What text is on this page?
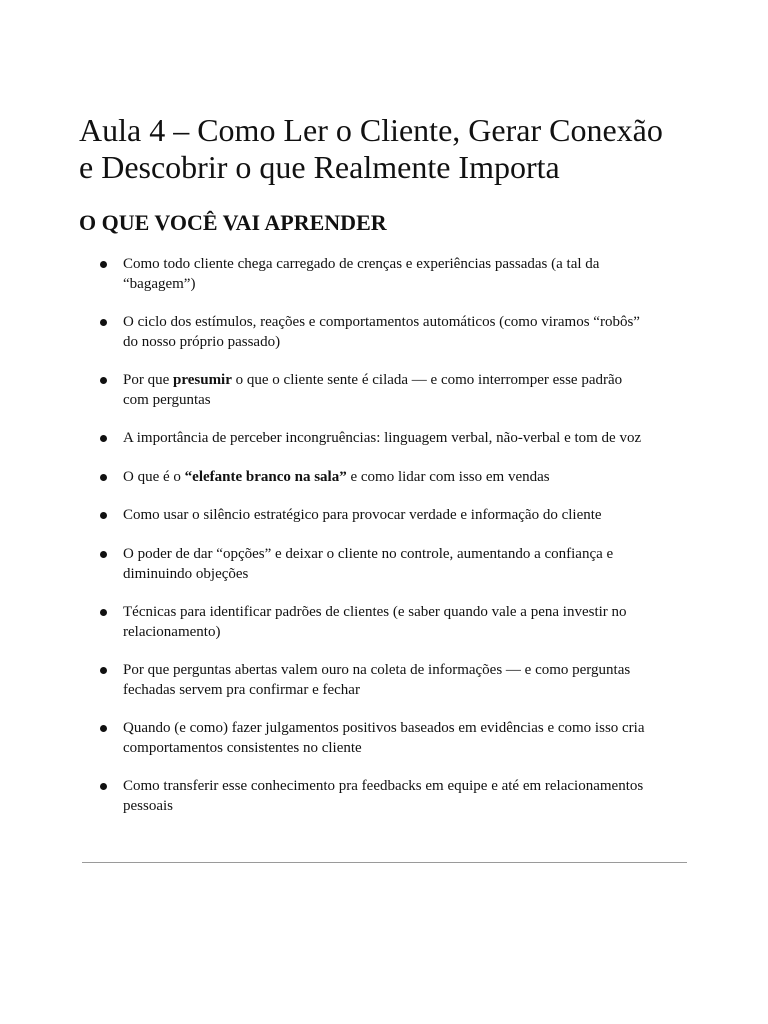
Aula 4 – Como Ler o Cliente, Gerar Conexão
e Descobrir o que Realmente Importa
O QUE VOCÊ VAI APRENDER
Como todo cliente chega carregado de crenças e experiências passadas (a tal da
“bagagem”)
O ciclo dos estímulos, reações e comportamentos automáticos (como viramos “robôs”
do nosso próprio passado)
Por que presumir o que o cliente sente é cilada — e como interromper esse padrão
com perguntas
A importância de perceber incongruências: linguagem verbal, não-verbal e tom de voz
O que é o “elefante branco na sala” e como lidar com isso em vendas
Como usar o silêncio estratégico para provocar verdade e informação do cliente
O poder de dar “opções” e deixar o cliente no controle, aumentando a confiança e
diminuindo objeções
Técnicas para identificar padrões de clientes (e saber quando vale a pena investir no
relacionamento)
Por que perguntas abertas valem ouro na coleta de informações — e como perguntas
fechadas servem pra confirmar e fechar
Quando (e como) fazer julgamentos positivos baseados em evidências e como isso cria
comportamentos consistentes no cliente
Como transferir esse conhecimento pra feedbacks em equipe e até em relacionamentos
pessoais
